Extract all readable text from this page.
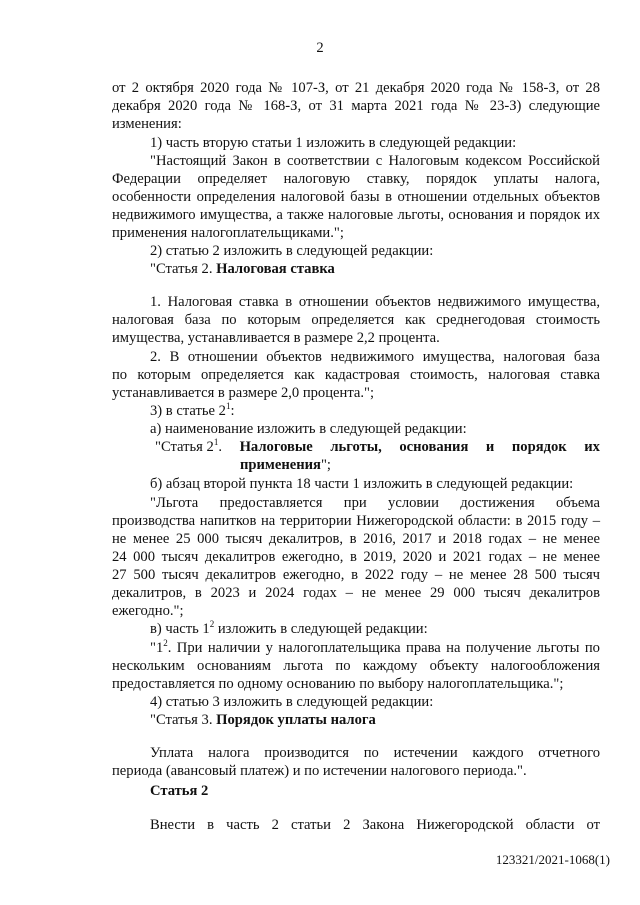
2
от 2 октября 2020 года № 107-З, от 21 декабря 2020 года № 158-З, от 28
декабря 2020 года № 168-З, от 31 марта 2021 года № 23-З) следующие
изменения:
1) часть вторую статьи 1 изложить в следующей редакции:
"Настоящий Закон в соответствии с Налоговым кодексом Российской
Федерации определяет налоговую ставку, порядок уплаты налога,
особенности определения налоговой базы в отношении отдельных объектов
недвижимого имущества, а также налоговые льготы, основания и порядок их
применения налогоплательщиками.";
2) статью 2 изложить в следующей редакции:
1. Налоговая ставка в отношении объектов недвижимого имущества,
налоговая база по которым определяется как среднегодовая стоимость
имущества, устанавливается в размере 2,2 процента.
2. В отношении объектов недвижимого имущества, налоговая база
по которым определяется как кадастровая стоимость, налоговая ставка
устанавливается в размере 2,0 процента.";
"Льгота предоставляется при условии достижения объема
производства напитков на территории Нижегородской области: в 2015 году –
не менее 25 000 тысяч декалитров, в 2016, 2017 и 2018 годах – не менее
24 000 тысяч декалитров ежегодно, в 2019, 2020 и 2021 годах – не менее
27 500 тысяч декалитров ежегодно, в 2022 году – не менее 28 500 тысяч
декалитров, в 2023 и 2024 годах – не менее 29 000 тысяч декалитров
ежегодно.";
нескольким основаниям льгота по каждому объекту налогообложения
предоставляется по одному основанию по выбору налогоплательщика.";
4) статью 3 изложить в следующей редакции:
Уплата налога производится по истечении каждого отчетного
периода (авансовый платеж) и по истечении налогового периода.".
"Статья 2. Налоговая ставка
3) в статье $2^1$:
а) наименование изложить в следующей редакции:
"Статья $2^1$. Налоговые льготы, основания и порядок их
применения";
б) абзац второй пункта 18 части 1 изложить в следующей редакции:
в) часть $1^2$ изложить в следующей редакции:
"$1^2$. При наличии у налогоплательщика права на получение льготы по
"Статья 3. Порядок уплаты налога
Статья 2
Внести в часть 2 статьи 2 Закона Нижегородской области от
123321/2021-1068(1)
